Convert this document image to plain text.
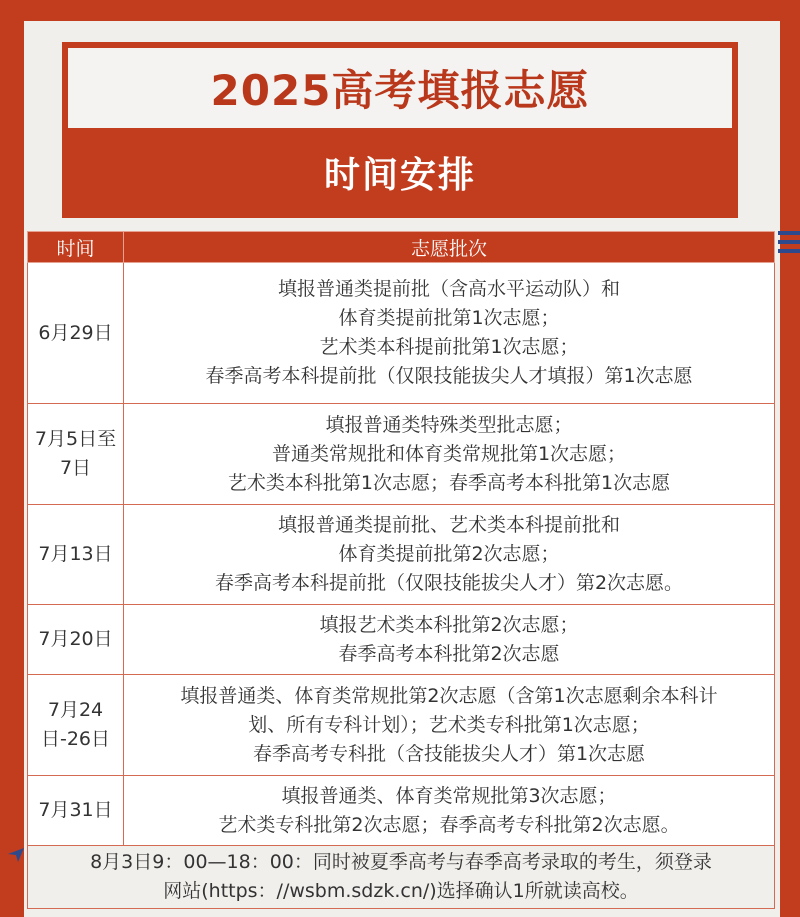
2025高考填报志愿
时间安排
时间	志愿批次

6月29日	填报普通类提前批（含高水平运动队）和
体育类提前批第1次志愿；
艺术类本科提前批第1次志愿；
春季高考本科提前批（仅限技能拔尖人才填报）第1次志愿

7月5日至
7日	填报普通类特殊类型批志愿；
普通类常规批和体育类常规批第1次志愿；
艺术类本科批第1次志愿；春季高考本科批第1次志愿

7月13日	填报普通类提前批、艺术类本科提前批和
体育类提前批第2次志愿；
春季高考本科提前批（仅限技能拔尖人才）第2次志愿。

7月20日	填报艺术类本科批第2次志愿；
春季高考本科批第2次志愿

7月24
日-26日	填报普通类、体育类常规批第2次志愿（含第1次志愿剩余本科计
划、所有专科计划）；艺术类专科批第1次志愿；
春季高考专科批（含技能拔尖人才）第1次志愿

7月31日	填报普通类、体育类常规批第3次志愿；
艺术类专科批第2次志愿；春季高考专科批第2次志愿。

8月3日9：00—18：00：同时被夏季高考与春季高考录取的考生，须登录
网站(https：//wsbm.sdzk.cn/)选择确认1所就读高校。	
